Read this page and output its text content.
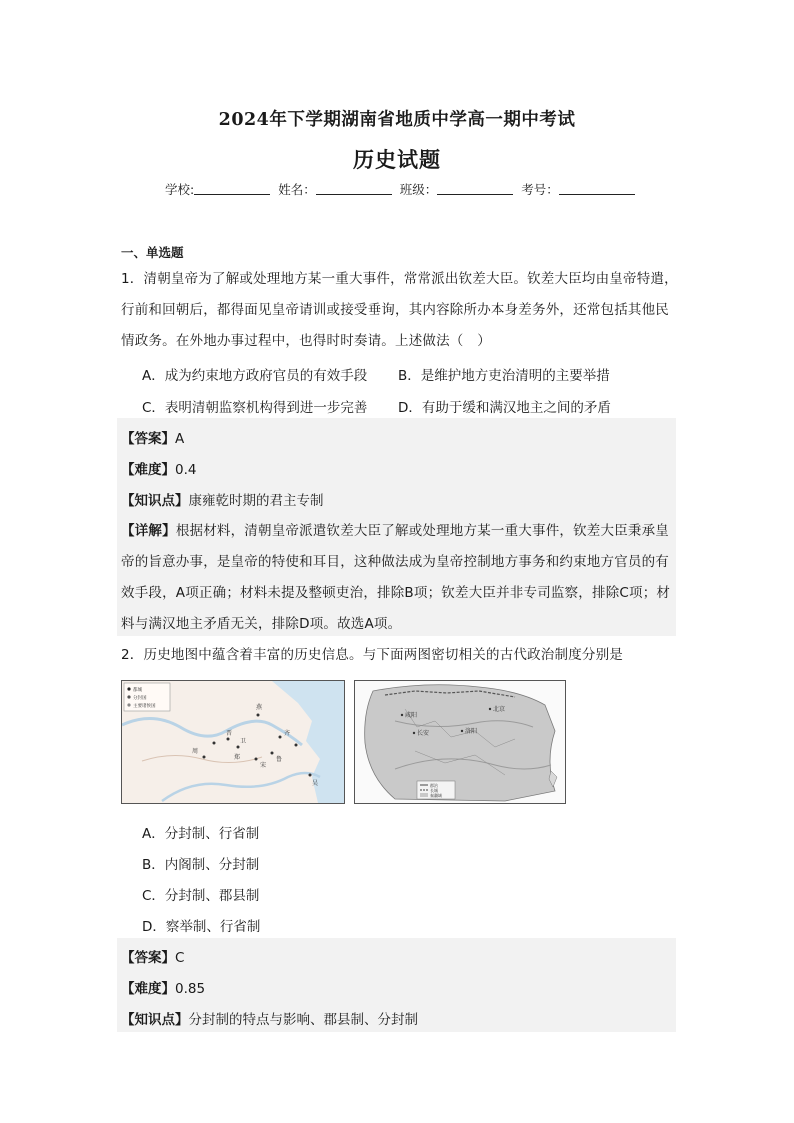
2024年下学期湖南省地质中学高一期中考试
历史试题
学校:	姓名：	班级：	考号：
一、单选题
1．清朝皇帝为了解或处理地方某一重大事件，常常派出钦差大臣。钦差大臣均由皇帝特遣，行前和回朝后，都得面见皇帝请训或接受垂询，其内容除所办本身差务外，还常包括其他民情政务。在外地办事过程中，也得时时奏请。上述做法（　）
A．成为约束地方政府官员的有效手段 B．是维护地方吏治清明的主要举措
C．表明清朝监察机构得到进一步完善 D．有助于缓和满汉地主之间的矛盾
【答案】A
【难度】0.4
【知识点】康雍乾时期的君主专制
【详解】根据材料，清朝皇帝派遣钦差大臣了解或处理地方某一重大事件，钦差大臣秉承皇帝的旨意办事，是皇帝的特使和耳目，这种做法成为皇帝控制地方事务和约束地方官员的有效手段，A项正确；材料未提及整顿吏治，排除B项；钦差大臣并非专司监察，排除C项；材料与满汉地主矛盾无关，排除D项。故选A项。
2．历史地图中蕴含着丰富的历史信息。与下面两图密切相关的古代政治制度分别是
都城
分封国
主要诸侯国	燕
晋
卫
鲁
齐
宋
郑
周
吴	郡治
长城
秦疆域
北京
洛阳
长安
咸阳
A．分封制、行省制
B．内阁制、分封制
C．分封制、郡县制
D．察举制、行省制
【答案】C
【难度】0.85
【知识点】分封制的特点与影响、郡县制、分封制
